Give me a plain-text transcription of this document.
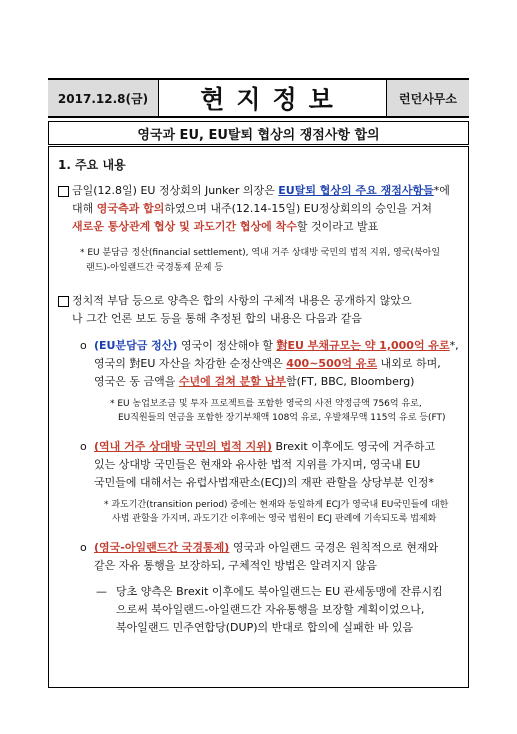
2017.12.8(금)	현지정보	런던사무소
영국과 EU, EU탈퇴 협상의 쟁점사항 합의
1. 주요 내용
금일(12.8일) EU 정상회의 Junker 의장은 EU탈퇴 협상의 주요 쟁점사항들*에
대해 영국측과 합의하였으며 내주(12.14-15일) EU정상회의의 승인을 거쳐
새로운 통상관계 협상 및 과도기간 협상에 착수할 것이라고 발표
* EU 분담금 정산(financial settlement), 역내 거주 상대방 국민의 법적 지위, 영국(북아일
랜드)-아일랜드간 국경통제 문제 등
정치적 부담 등으로 양측은 합의 사항의 구체적 내용은 공개하지 않았으
나 그간 언론 보도 등을 통해 추정된 합의 내용은 다음과 같음
o (EU분담금 정산) 영국이 정산해야 할 對EU 부채규모는 약 1,000억 유로*,
영국의 對EU 자산을 차감한 순정산액은 400~500억 유로 내외로 하며,
영국은 동 금액을 수년에 걸쳐 분할 납부함(FT, BBC, Bloomberg)
* EU 농업보조금 및 투자 프로젝트를 포함한 영국의 사전 약정금액 756억 유로,
EU직원들의 연금을 포함한 장기부채액 108억 유로, 우발채무액 115억 유로 등(FT)
o (역내 거주 상대방 국민의 법적 지위) Brexit 이후에도 영국에 거주하고
있는 상대방 국민들은 현재와 유사한 법적 지위를 가지며, 영국내 EU
국민들에 대해서는 유럽사법재판소(ECJ)의 재판 관할을 상당부분 인정*
* 과도기간(transition period) 중에는 현재와 동일하게 ECJ가 영국내 EU국민들에 대한
사법 관할을 가지며, 과도기간 이후에는 영국 법원이 ECJ 판례에 기속되도록 법제화
o (영국-아일랜드간 국경통제) 영국과 아일랜드 국경은 원칙적으로 현재와
같은 자유 통행을 보장하되, 구체적인 방법은 알려지지 않음
— 당초 양측은 Brexit 이후에도 북아일랜드는 EU 관세동맹에 잔류시킴
으로써 북아일랜드-아일랜드간 자유통행을 보장할 계획이었으나,
북아일랜드 민주연합당(DUP)의 반대로 합의에 실패한 바 있음
